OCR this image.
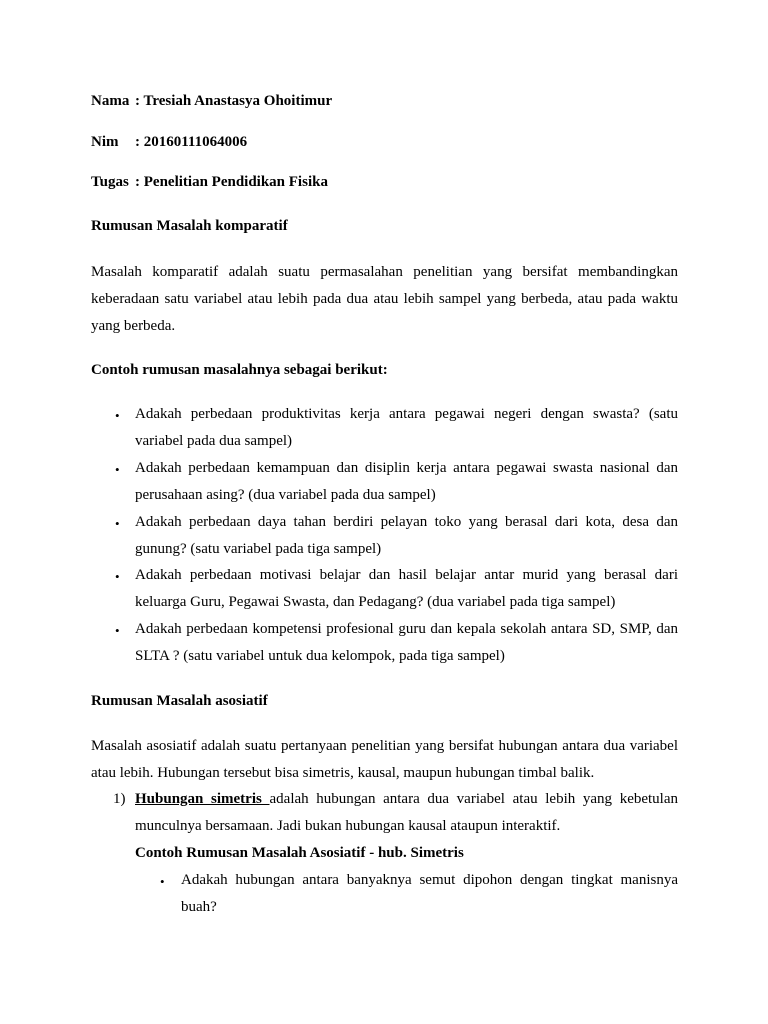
Nama : Tresiah Anastasya Ohoitimur
Nim : 20160111064006
Tugas : Penelitian Pendidikan Fisika
Rumusan Masalah komparatif
Masalah komparatif adalah suatu permasalahan penelitian yang bersifat membandingkan
keberadaan satu variabel atau lebih pada dua atau lebih sampel yang berbeda, atau pada waktu
yang berbeda.
Contoh rumusan masalahnya sebagai berikut:
• Adakah perbedaan produktivitas kerja antara pegawai negeri dengan swasta? (satu
variabel pada dua sampel)
• Adakah perbedaan kemampuan dan disiplin kerja antara pegawai swasta nasional dan
perusahaan asing? (dua variabel pada dua sampel)
• Adakah perbedaan daya tahan berdiri pelayan toko yang berasal dari kota, desa dan
gunung? (satu variabel pada tiga sampel)
• Adakah perbedaan motivasi belajar dan hasil belajar antar murid yang berasal dari
keluarga Guru, Pegawai Swasta, dan Pedagang? (dua variabel pada tiga sampel)
• Adakah perbedaan kompetensi profesional guru dan kepala sekolah antara SD, SMP, dan
SLTA ? (satu variabel untuk dua kelompok, pada tiga sampel)
Rumusan Masalah asosiatif
Masalah asosiatif adalah suatu pertanyaan penelitian yang bersifat hubungan antara dua variabel
atau lebih. Hubungan tersebut bisa simetris, kausal, maupun hubungan timbal balik.
1) Hubungan simetris adalah hubungan antara dua variabel atau lebih yang kebetulan
munculnya bersamaan. Jadi bukan hubungan kausal ataupun interaktif.
Contoh Rumusan Masalah Asosiatif - hub. Simetris
• Adakah hubungan antara banyaknya semut dipohon dengan tingkat manisnya
buah?
